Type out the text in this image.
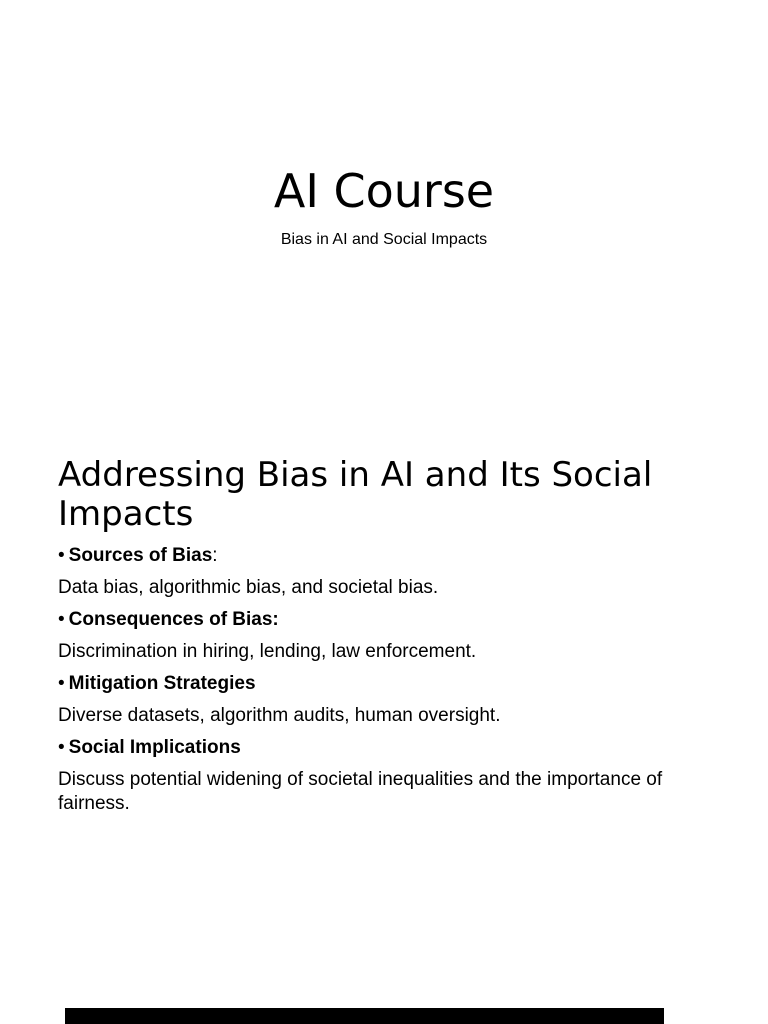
AI Course

Bias in AI and Social Impacts

Addressing Bias in AI and Its Social Impacts

• Sources of Bias:

Data bias, algorithmic bias, and societal bias.

• Consequences of Bias:

Discrimination in hiring, lending, law enforcement.

• Mitigation Strategies

Diverse datasets, algorithm audits, human oversight.

• Social Implications

Discuss potential widening of societal inequalities and the importance of fairness.
